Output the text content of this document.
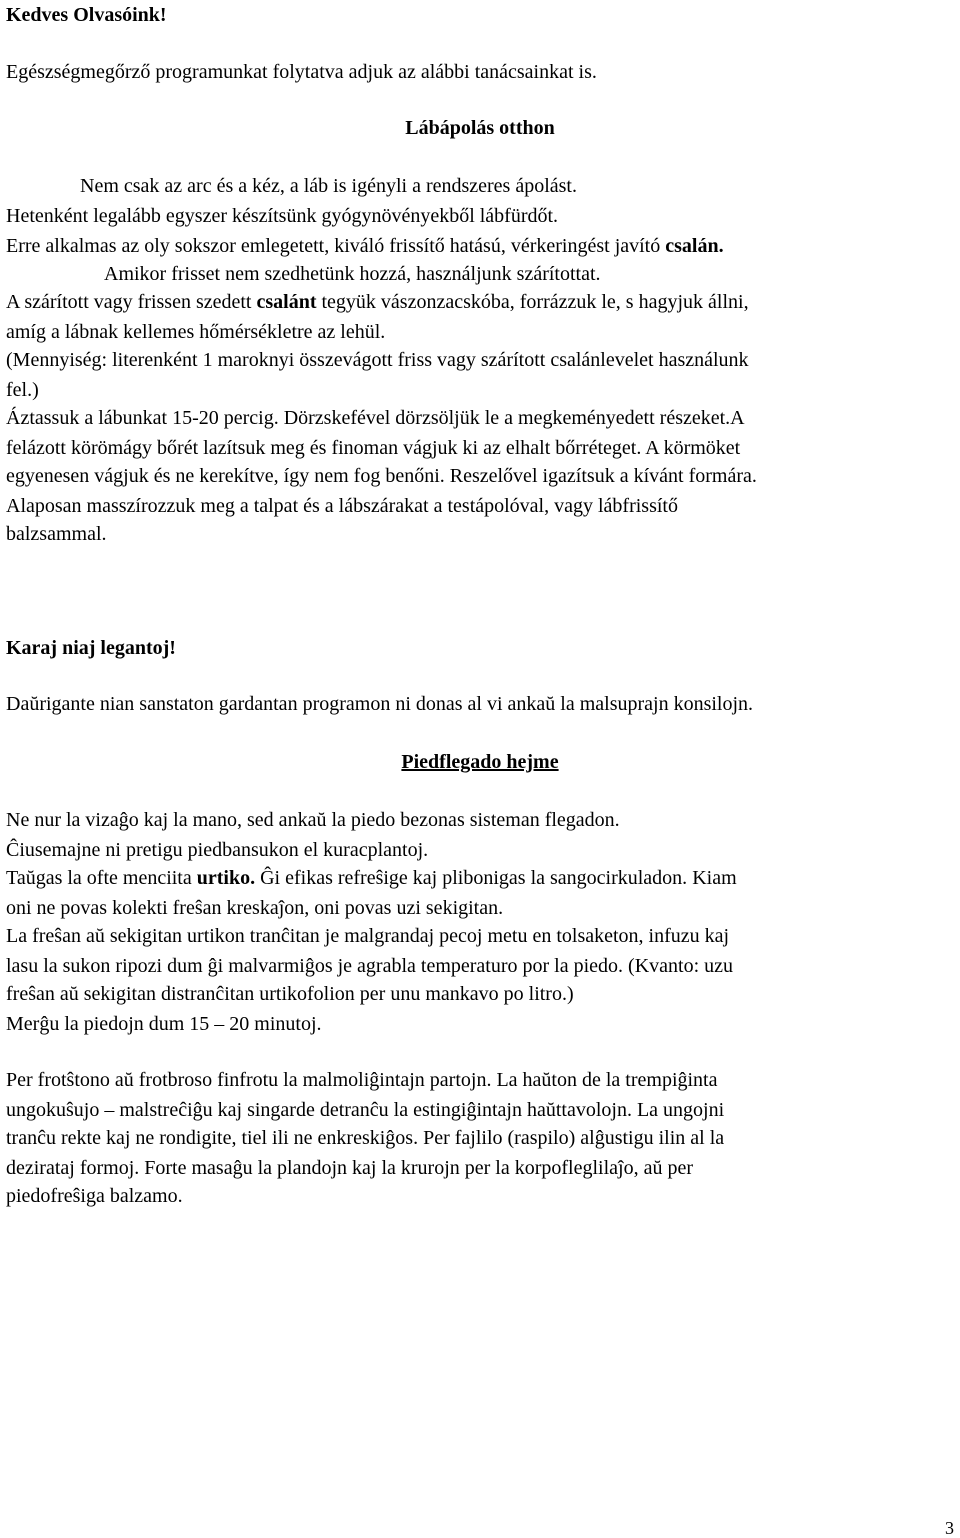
Kedves Olvasóink!
Egészségmegőrző programunkat folytatva adjuk az alábbi tanácsainkat is.
Lábápolás otthon
Nem csak az arc és a kéz, a láb is igényli a rendszeres ápolást.
Hetenként legalább egyszer készítsünk gyógynövényekből lábfürdőt.
Erre alkalmas az oly sokszor emlegetett, kiváló frissítő hatású, vérkeringést javító csalán.
Amikor frisset nem szedhetünk hozzá, használjunk szárítottat.
A szárított vagy frissen szedett csalánt tegyük vászonzacskóba, forrázzuk le, s hagyjuk állni,
amíg a lábnak kellemes hőmérsékletre az lehül.
(Mennyiség: literenként 1 maroknyi összevágott friss vagy szárított csalánlevelet használunk
fel.)
Áztassuk a lábunkat 15-20 percig. Dörzskefével dörzsöljük le a megkeményedett részeket.A
felázott körömágy bőrét lazítsuk meg és finoman vágjuk ki az elhalt bőrréteget. A körmöket
egyenesen vágjuk és ne kerekítve, így nem fog benőni. Reszelővel igazítsuk a kívánt formára.
Alaposan masszírozzuk meg a talpat és a lábszárakat a testápolóval, vagy lábfrissítő
balzsammal.
Karaj niaj legantoj!
Daŭrigante nian sanstaton gardantan programon ni donas al vi ankaŭ la malsuprajn konsilojn.
Piedflegado hejme
Ne nur la vizaĝo kaj la mano, sed ankaŭ la piedo bezonas sisteman flegadon.
Ĉiusemajne ni pretigu piedbansukon el kuracplantoj.
Taŭgas la ofte menciita urtiko. Ĝi efikas refreŝige kaj plibonigas la sangocirkuladon. Kiam
oni ne povas kolekti freŝan kreskaĵon, oni povas uzi sekigitan.
La freŝan aŭ sekigitan urtikon tranĉitan je malgrandaj pecoj metu en tolsaketon, infuzu kaj
lasu la sukon ripozi dum ĝi malvarmiĝos je agrabla temperaturo por la piedo. (Kvanto: uzu
freŝan aŭ sekigitan distranĉitan urtikofolion per unu mankavo po litro.)
Merĝu la piedojn dum 15 – 20 minutoj.
Per frotŝtono aŭ frotbroso finfrotu la malmoliĝintajn partojn. La haŭton de la trempiĝinta
ungokuŝujo – malstreĉiĝu kaj singarde detranĉu la estingiĝintajn haŭttavolojn. La ungojni
tranĉu rekte kaj ne rondigite, tiel ili ne enkreskiĝos. Per fajlilo (raspilo) alĝustigu ilin al la
dezirataj formoj. Forte masaĝu la plandojn kaj la krurojn per la korpofleglilaĵo, aŭ per
piedofreŝiga balzamo.
3
